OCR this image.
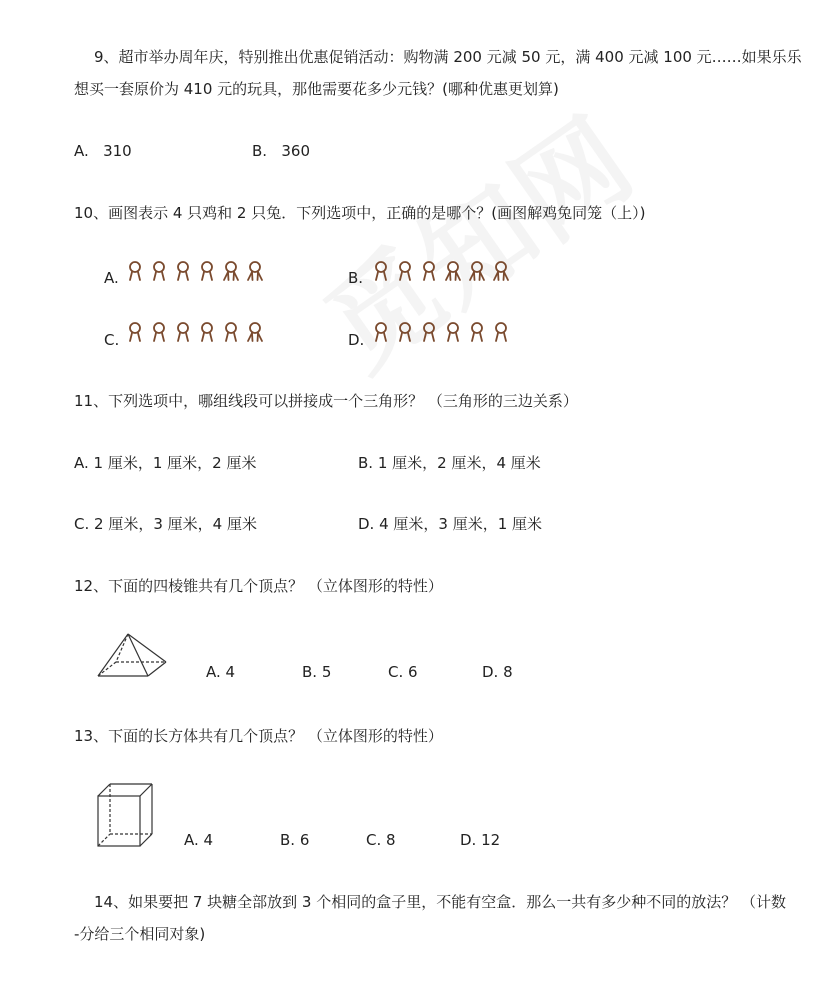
9、超市举办周年庆，特别推出优惠促销活动：购物满 200 元减 50 元，满 400 元减 100 元……如果乐乐
想买一套原价为 410 元的玩具，那他需要花多少元钱？(哪种优惠更划算)
A. 310	B. 360
10、画图表示 4 只鸡和 2 只兔．下列选项中，正确的是哪个？(画图解鸡兔同笼（上）)
A.	B.
C.	D.
11、下列选项中，哪组线段可以拼接成一个三角形？ （三角形的三边关系）
A. 1 厘米，1 厘米，2 厘米	B. 1 厘米，2 厘米，4 厘米
C. 2 厘米，3 厘米，4 厘米	D. 4 厘米，3 厘米，1 厘米
12、下面的四棱锥共有几个顶点？ （立体图形的特性）
A. 4	B. 5	C. 6	D. 8
13、下面的长方体共有几个顶点？ （立体图形的特性）
A. 4	B. 6	C. 8	D. 12
14、如果要把 7 块糖全部放到 3 个相同的盒子里，不能有空盒．那么一共有多少种不同的放法？ （计数
-分给三个相同对象)
